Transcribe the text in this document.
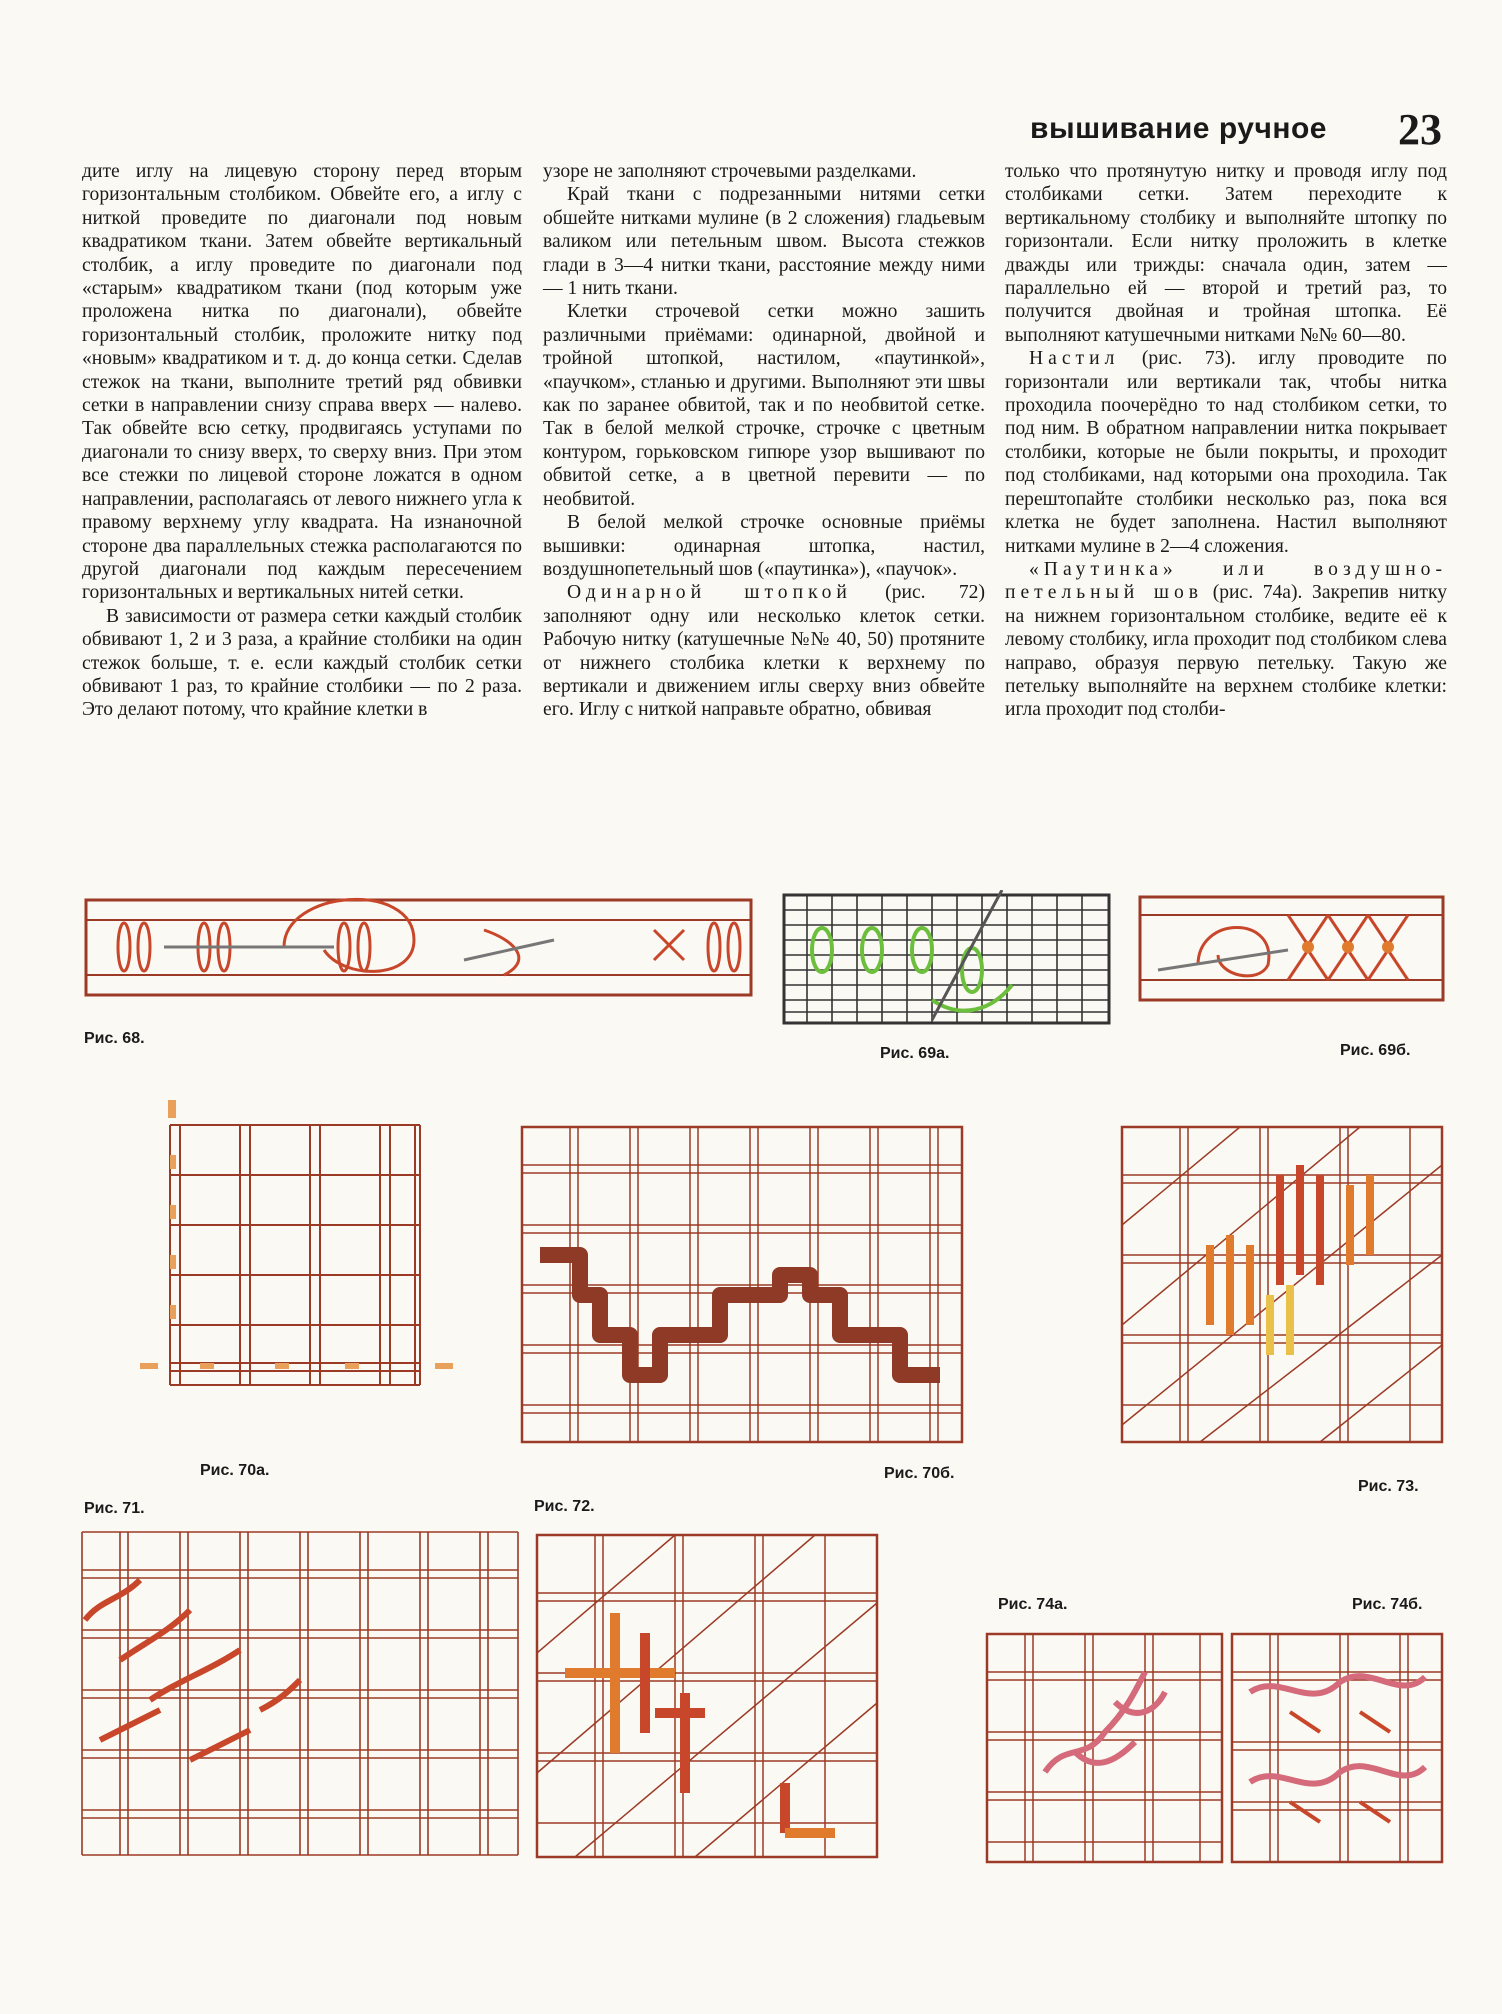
вышивание ручное 23

дите иглу на лицевую сторону перед вторым горизонтальным столбиком. Обвейте его, а иглу с ниткой проведите по диагонали под новым квадратиком ткани. Затем обвейте вертикальный столбик, а иглу проведите по диагонали под «старым» квадратиком ткани (под которым уже проложена нитка по диагонали), обвейте горизонтальный столбик, проложите нитку под «новым» квадратиком и т. д. до конца сетки. Сделав стежок на ткани, выполните третий ряд обвивки сетки в направлении снизу справа вверх — налево. Так обвейте всю сетку, продвигаясь уступами по диагонали то снизу вверх, то сверху вниз. При этом все стежки по лицевой стороне ложатся в одном направлении, располагаясь от левого нижнего угла к правому верхнему углу квадрата. На изнаночной стороне два параллельных стежка располагаются по другой диагонали под каждым пересечением горизонтальных и вертикальных нитей сетки.

В зависимости от размера сетки каждый столбик обвивают 1, 2 и 3 раза, а крайние столбики на один стежок больше, т. е. если каждый столбик сетки обвивают 1 раз, то крайние столбики — по 2 раза. Это делают потому, что крайние клетки в

узоре не заполняют строчевыми разделками.

Край ткани с подрезанными нитями сетки обшейте нитками мулине (в 2 сложения) гладьевым валиком или петельным швом. Высота стежков глади в 3—4 нитки ткани, расстояние между ними — 1 нить ткани.

Клетки строчевой сетки можно зашить различными приёмами: одинарной, двойной и тройной штопкой, настилом, «паутинкой», «паучком», стланью и другими. Выполняют эти швы как по заранее обвитой, так и по необвитой сетке. Так в белой мелкой строчке, строчке с цветным контуром, горьковском гипюре узор вышивают по обвитой сетке, а в цветной перевити — по необвитой.

В белой мелкой строчке основные приёмы вышивки: одинарная штопка, настил, воздушнопетельный шов («паутинка»), «паучок».

Одинарной штопкой (рис. 72) заполняют одну или несколько клеток сетки. Рабочую нитку (катушечные №№ 40, 50) протяните от нижнего столбика клетки к верхнему по вертикали и движением иглы сверху вниз обвейте его. Иглу с ниткой направьте обратно, обвивая

только что протянутую нитку и проводя иглу под столбиками сетки. Затем переходите к вертикальному столбику и выполняйте штопку по горизонтали. Если нитку проложить в клетке дважды или трижды: сначала один, затем — параллельно ей — второй и третий раз, то получится двойная и тройная штопка. Её выполняют катушечными нитками №№ 60—80.

Настил (рис. 73). иглу проводите по горизонтали или вертикали так, чтобы нитка проходила поочерёдно то над столбиком сетки, то под ним. В обратном направлении нитка покрывает столбики, которые не были покрыты, и проходит под столбиками, над которыми она проходила. Так перештопайте столбики несколько раз, пока вся клетка не будет заполнена. Настил выполняют нитками мулине в 2—4 сложения.

«Паутинка» или воздушно-петельный шов (рис. 74а). Закрепив нитку на нижнем горизонтальном столбике, ведите её к левому столбику, игла проходит под столбиком слева направо, образуя первую петельку. Такую же петельку выполняйте на верхнем столбике клетки: игла проходит под столби-

Рис. 68.
Рис. 69а.	Рис. 69б.
Рис. 70а.	Рис. 70б.
Рис. 73.
Рис. 71.	Рис. 72.
Рис. 74а.	Рис. 74б.
